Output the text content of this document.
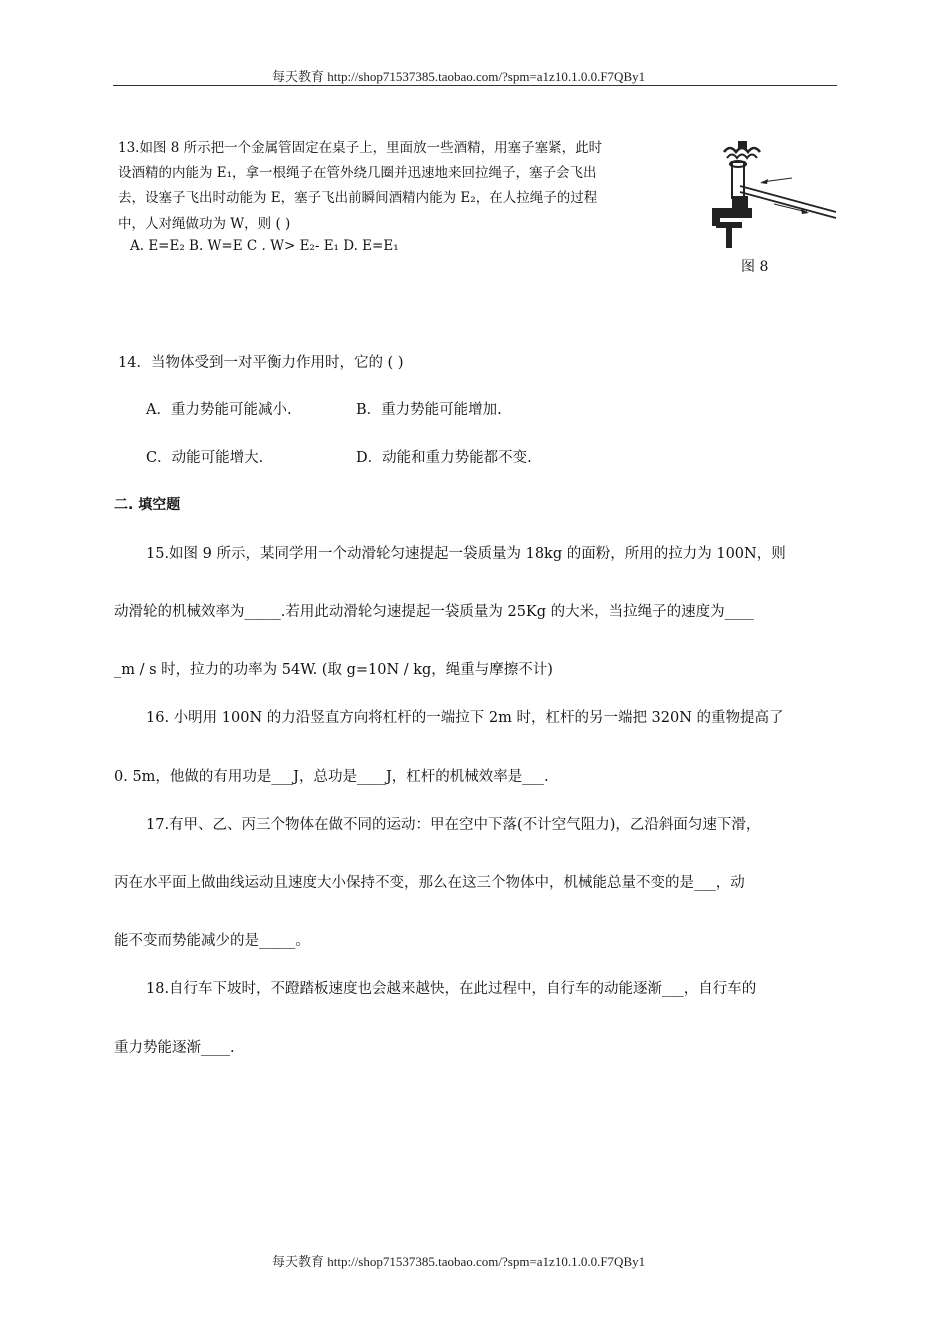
每天教育 http://shop71537385.taobao.com/?spm=a1z10.1.0.0.F7QBy1
13.如图 8 所示把一个金属管固定在桌子上，里面放一些酒精，用塞子塞紧，此时
设酒精的内能为 E₁，拿一根绳子在管外绕几圈并迅速地来回拉绳子，塞子会飞出
去，设塞子飞出时动能为 E，塞子飞出前瞬间酒精内能为 E₂，在人拉绳子的过程
中，人对绳做功为 W，则 ( )
A. E=E₂ B. W=E C . W> E₂- E₁ D. E=E₁
图 8
14．当物体受到一对平衡力作用时，它的 ( )
A．重力势能可能减小.	B．重力势能可能增加.
C．动能可能增大.	D．动能和重力势能都不变.
二. 填空题
15.如图 9 所示，某同学用一个动滑轮匀速提起一袋质量为 18kg 的面粉，所用的拉力为 100N，则
动滑轮的机械效率为_____.若用此动滑轮匀速提起一袋质量为 25Kg 的大米，当拉绳子的速度为____
_m / s 时，拉力的功率为 54W. (取 g=10N / kg，绳重与摩擦不计)
16. 小明用 100N 的力沿竖直方向将杠杆的一端拉下 2m 时，杠杆的另一端把 320N 的重物提高了
0. 5m，他做的有用功是___J，总功是____J，杠杆的机械效率是___.
17.有甲、乙、丙三个物体在做不同的运动：甲在空中下落(不计空气阻力)，乙沿斜面匀速下滑，
丙在水平面上做曲线运动且速度大小保持不变，那么在这三个物体中，机械能总量不变的是___，动
能不变而势能减少的是_____。
18.自行车下坡时，不蹬踏板速度也会越来越快，在此过程中，自行车的动能逐渐___，自行车的
重力势能逐渐____.
每天教育 http://shop71537385.taobao.com/?spm=a1z10.1.0.0.F7QBy1
